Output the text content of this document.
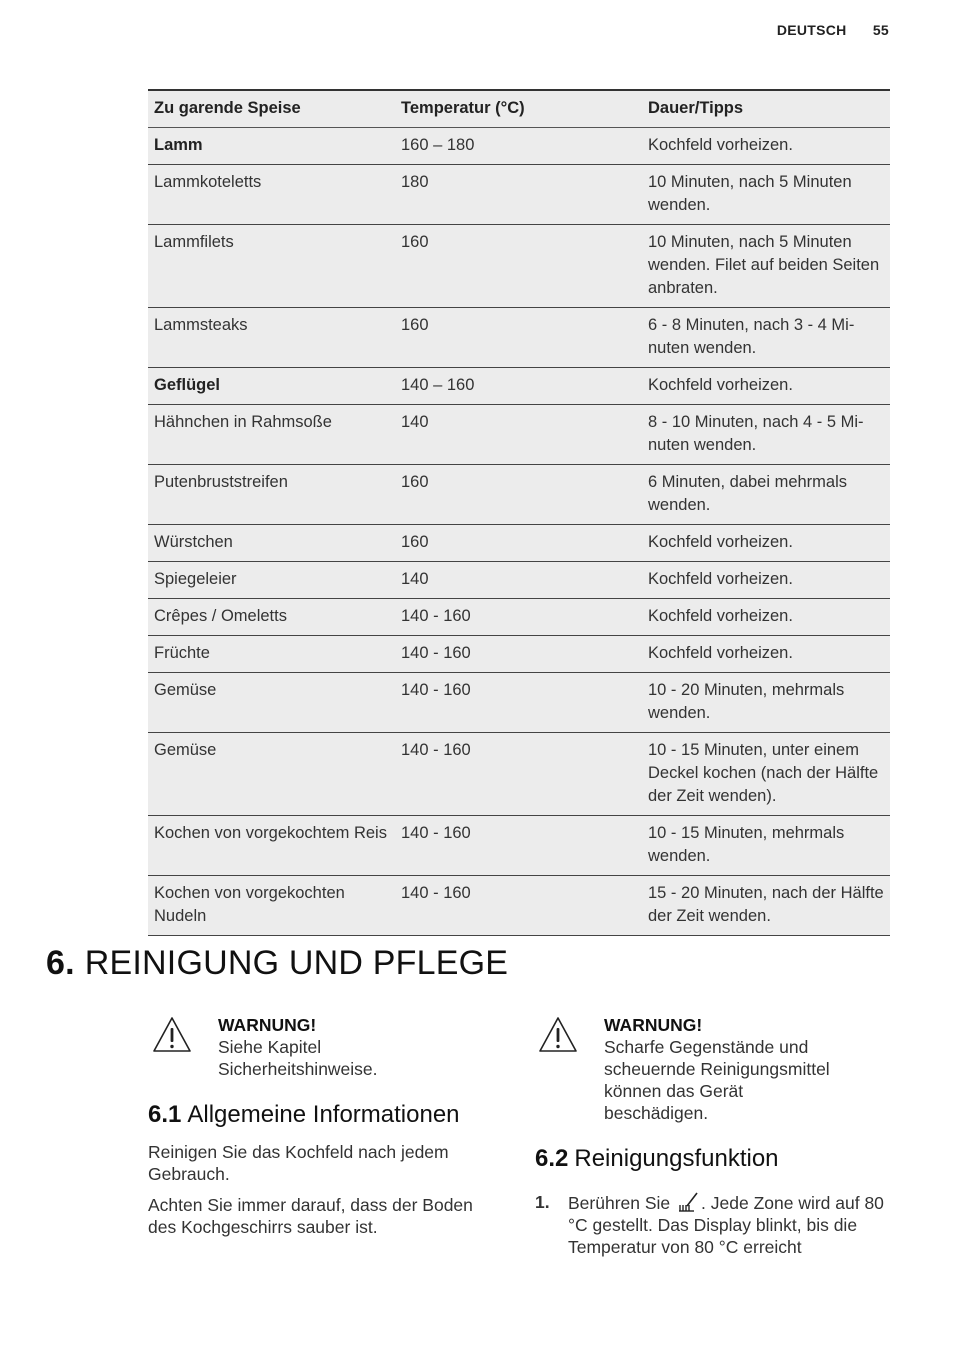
DEUTSCH 55
Zu garende Speise	Temperatur (°C)	Dauer/Tipps
Lamm	160 – 180	Kochfeld vorheizen.
Lammkoteletts	180	10 Minuten, nach 5 Minuten wenden.
Lammfilets	160	10 Minuten, nach 5 Minuten wenden. Filet auf beiden Seiten anbraten.
Lammsteaks	160	6 - 8 Minuten, nach 3 - 4 Mi-nuten wenden.
Geflügel	140 – 160	Kochfeld vorheizen.
Hähnchen in Rahmsoße	140	8 - 10 Minuten, nach 4 - 5 Mi-nuten wenden.
Putenbruststreifen	160	6 Minuten, dabei mehrmals wenden.
Würstchen	160	Kochfeld vorheizen.
Spiegeleier	140	Kochfeld vorheizen.
Crêpes / Omeletts	140 - 160	Kochfeld vorheizen.
Früchte	140 - 160	Kochfeld vorheizen.
Gemüse	140 - 160	10 - 20 Minuten, mehrmals wenden.
Gemüse	140 - 160	10 - 15 Minuten, unter einem Deckel kochen (nach der Hälfte der Zeit wenden).
Kochen von vorgekochtem Reis	140 - 160	10 - 15 Minuten, mehrmals wenden.
Kochen von vorgekochten Nudeln	140 - 160	15 - 20 Minuten, nach der Hälfte der Zeit wenden.
6. REINIGUNG UND PFLEGE
WARNUNG!
Siehe Kapitel Sicherheitshinweise.
WARNUNG!
Scharfe Gegenstände und scheuernde Reinigungsmittel können das Gerät beschädigen.
6.1 Allgemeine Informationen

Reinigen Sie das Kochfeld nach jedem Gebrauch.

Achten Sie immer darauf, dass der Boden des Kochgeschirrs sauber ist.

6.2 Reinigungsfunktion
1.	Berühren Sie . Jede Zone wird auf 80 °C gestellt. Das Display blinkt, bis die Temperatur von 80 °C erreicht
